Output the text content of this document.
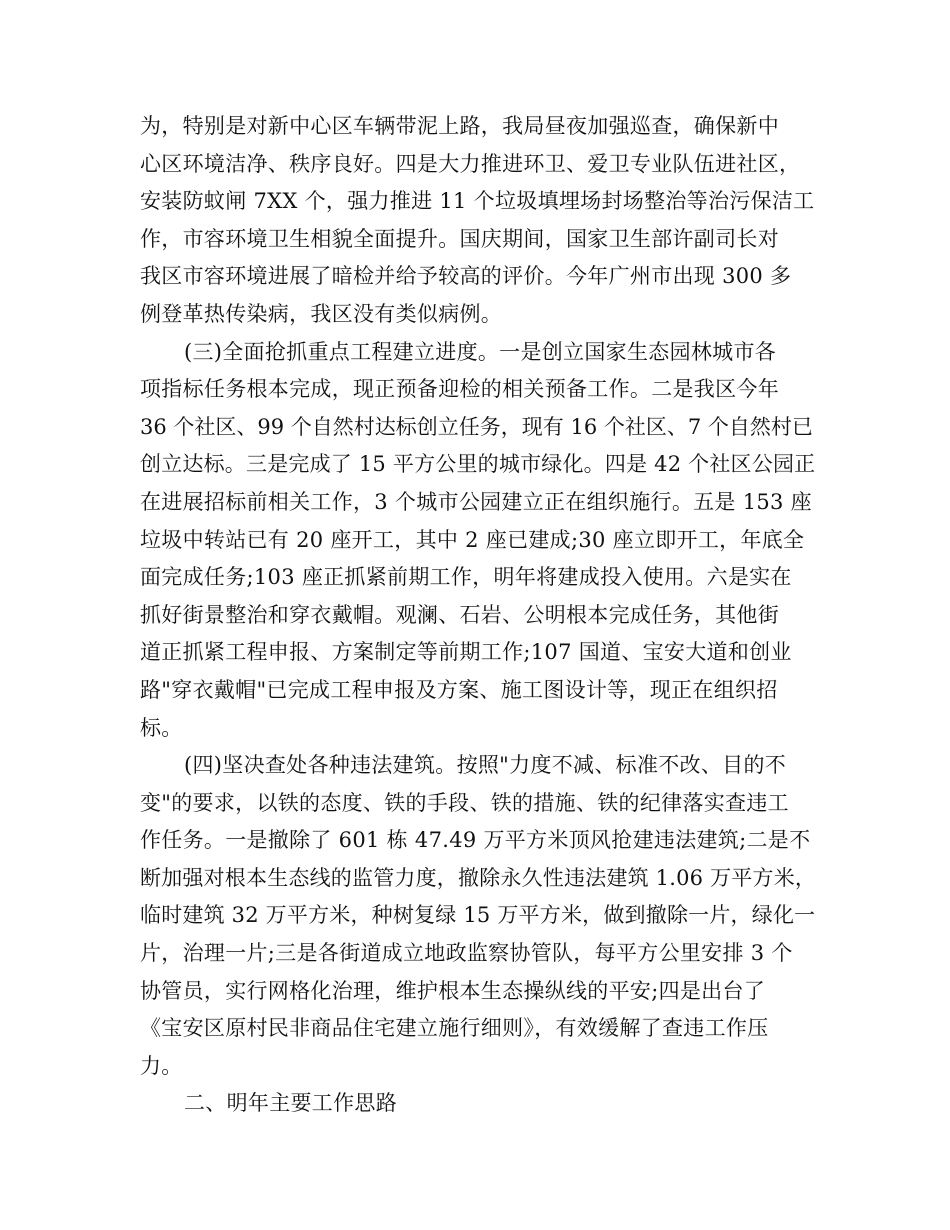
为，特别是对新中心区车辆带泥上路，我局昼夜加强巡查，确保新中
心区环境洁净、秩序良好。四是大力推进环卫、爱卫专业队伍进社区，
安装防蚊闸 7XX 个，强力推进 11 个垃圾填埋场封场整治等治污保洁工
作，市容环境卫生相貌全面提升。国庆期间，国家卫生部许副司长对
我区市容环境进展了暗检并给予较高的评价。今年广州市出现 300 多
例登革热传染病，我区没有类似病例。
(三)全面抢抓重点工程建立进度。一是创立国家生态园林城市各
项指标任务根本完成，现正预备迎检的相关预备工作。二是我区今年
36 个社区、99 个自然村达标创立任务，现有 16 个社区、7 个自然村已
创立达标。三是完成了 15 平方公里的城市绿化。四是 42 个社区公园正
在进展招标前相关工作，3 个城市公园建立正在组织施行。五是 153 座
垃圾中转站已有 20 座开工，其中 2 座已建成;30 座立即开工，年底全
面完成任务;103 座正抓紧前期工作，明年将建成投入使用。六是实在
抓好街景整治和穿衣戴帽。观澜、石岩、公明根本完成任务，其他街
道正抓紧工程申报、方案制定等前期工作;107 国道、宝安大道和创业
路"穿衣戴帽"已完成工程申报及方案、施工图设计等，现正在组织招
标。
(四)坚决查处各种违法建筑。按照"力度不减、标准不改、目的不
变"的要求，以铁的态度、铁的手段、铁的措施、铁的纪律落实查违工
作任务。一是撤除了 601 栋 47.49 万平方米顶风抢建违法建筑;二是不
断加强对根本生态线的监管力度，撤除永久性违法建筑 1.06 万平方米，
临时建筑 32 万平方米，种树复绿 15 万平方米，做到撤除一片，绿化一
片，治理一片;三是各街道成立地政监察协管队，每平方公里安排 3 个
协管员，实行网格化治理，维护根本生态操纵线的平安;四是出台了
《宝安区原村民非商品住宅建立施行细则》，有效缓解了查违工作压
力。
二、明年主要工作思路
